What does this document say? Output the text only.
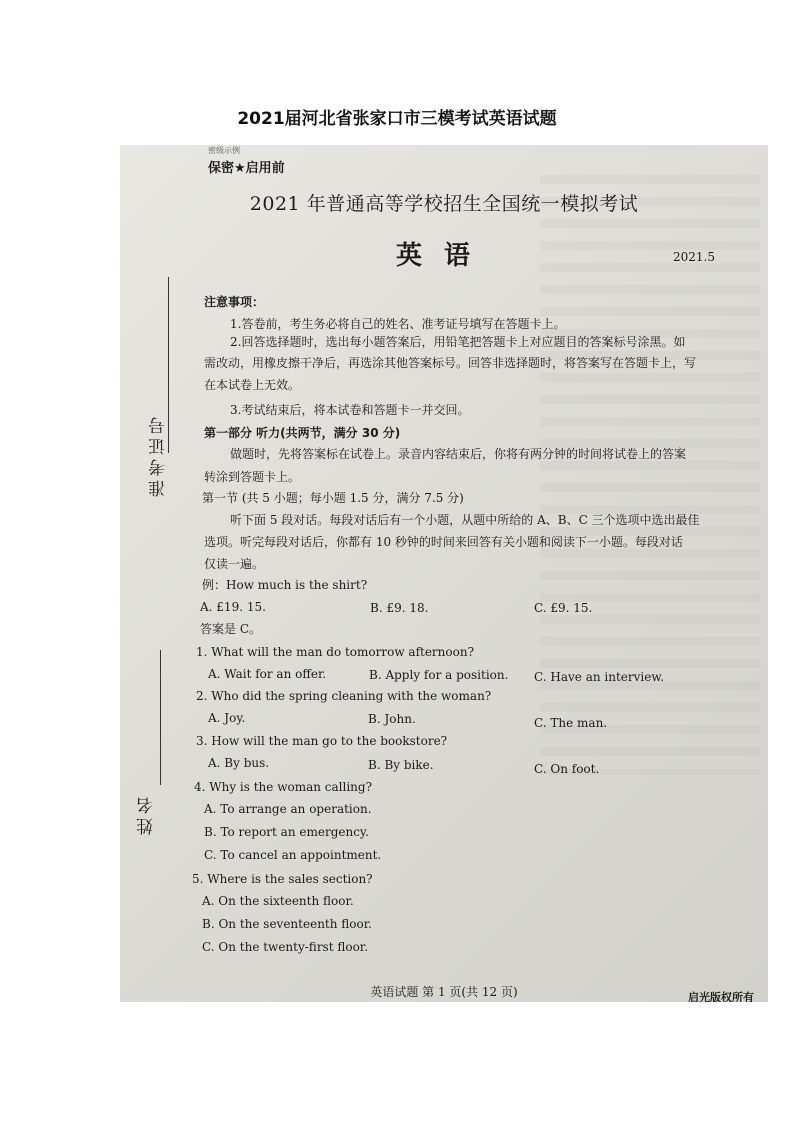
2021届河北省张家口市三模考试英语试题
密级示例
保密★启用前
2021 年普通高等学校招生全国统一模拟考试
英语	2021.5
准考证号
姓名
注意事项：
1.答卷前，考生务必将自己的姓名、准考证号填写在答题卡上。
2.回答选择题时，选出每小题答案后，用铅笔把答题卡上对应题目的答案标号涂黑。如
需改动，用橡皮擦干净后，再选涂其他答案标号。回答非选择题时，将答案写在答题卡上，写
在本试卷上无效。
3.考试结束后，将本试卷和答题卡一并交回。
第一部分 听力(共两节，满分 30 分)
做题时，先将答案标在试卷上。录音内容结束后，你将有两分钟的时间将试卷上的答案
转涂到答题卡上。
第一节 (共 5 小题；每小题 1.5 分，满分 7.5 分)
听下面 5 段对话。每段对话后有一个小题，从题中所给的 A、B、C 三个选项中选出最佳
选项。听完每段对话后，你都有 10 秒钟的时间来回答有关小题和阅读下一小题。每段对话
仅读一遍。
例：How much is the shirt?
A. £19. 15.	B. £9. 18.	C. £9. 15.
答案是 C。
1. What will the man do tomorrow afternoon?
A. Wait for an offer.	B. Apply for a position. C. Have an interview.
2. Who did the spring cleaning with the woman?
A. Joy.	B. John.	C. The man.
3. How will the man go to the bookstore?
A. By bus.	B. By bike.	C. On foot.
4. Why is the woman calling?
A. To arrange an operation.
B. To report an emergency.
C. To cancel an appointment.
5. Where is the sales section?
A. On the sixteenth floor.
B. On the seventeenth floor.
C. On the twenty-first floor.
英语试题 第 1 页(共 12 页)	启光版权所有
